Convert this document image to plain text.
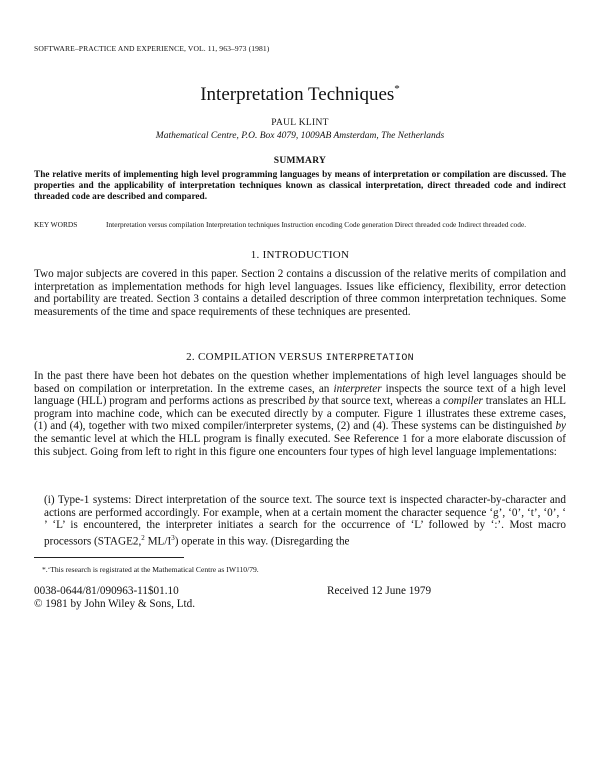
SOFTWARE–PRACTICE AND EXPERIENCE, VOL. 11, 963–973 (1981)
Interpretation Techniques*
PAUL KLINT
Mathematical Centre, P.O. Box 4079, 1009AB Amsterdam, The Netherlands
SUMMARY
The relative merits of implementing high level programming languages by means of interpretation or compilation are discussed. The properties and the applicability of interpretation techniques known as classical interpretation, direct threaded code and indirect threaded code are described and compared.
KEY WORDS	Interpretation versus compilation Interpretation techniques Instruction encoding Code generation Direct threaded code Indirect threaded code.
1. INTRODUCTION
Two major subjects are covered in this paper. Section 2 contains a discussion of the relative merits of compilation and interpretation as implementation methods for high level languages. Issues like efficiency, flexibility, error detection and portability are treated. Section 3 contains a detailed description of three common interpretation techniques. Some measurements of the time and space requirements of these techniques are presented.
2. COMPILATION VERSUS INTERPRETATION
In the past there have been hot debates on the question whether implementations of high level languages should be based on compilation or interpretation. In the extreme cases, an interpreter inspects the source text of a high level language (HLL) program and performs actions as prescribed by that source text, whereas a compiler translates an HLL program into machine code, which can be executed directly by a computer. Figure 1 illustrates these extreme cases, (1) and (4), together with two mixed compiler/interpreter systems, (2) and (4). These systems can be distinguished by the semantic level at which the HLL program is finally executed. See Reference 1 for a more elaborate discussion of this subject. Going from left to right in this figure one encounters four types of high level language implementations:
(i) Type-1 systems: Direct interpretation of the source text. The source text is inspected character-by-character and actions are performed accordingly. For example, when at a certain moment the character sequence ‘g’, ‘0’, ‘t’, ‘0’, ‘ ’ ‘L’ is encountered, the interpreter initiates a search for the occurrence of ‘L’ followed by ‘:’. Most macro processors (STAGE2,$^2$ $ML/I^3$) operate in this way. (Disregarding the
*.‘This research is registrated at the Mathematical Centre as IW110/79.
0038-0644/81/090963-11$01.10
© 1981 by John Wiley & Sons, Ltd.
Received 12 June 1979
